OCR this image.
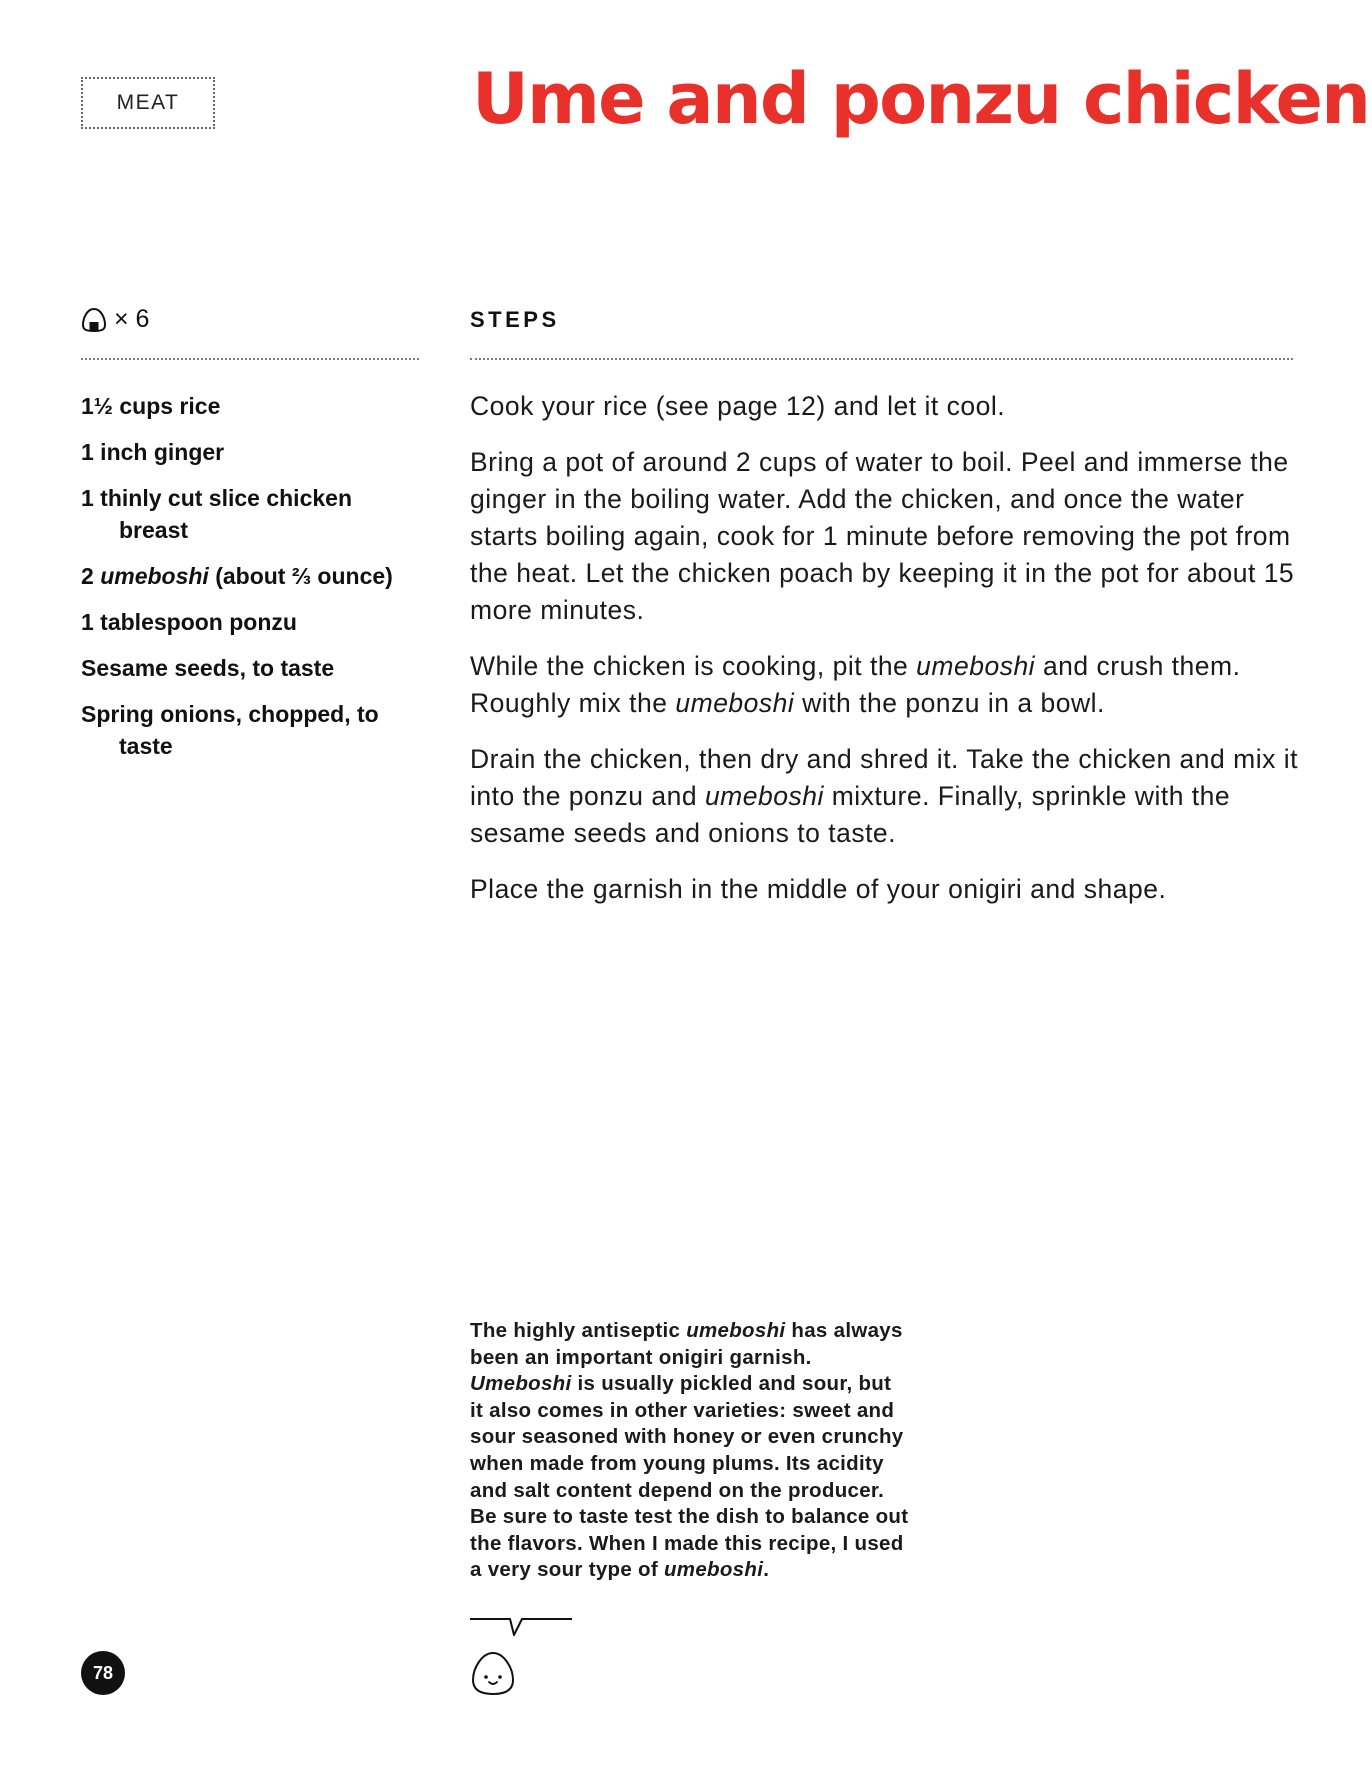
MEAT	Ume and ponzu chicken
× 6	STEPS
1½ cups rice
1 inch ginger
1 thinly cut slice chicken breast
2 umeboshi (about ⅔ ounce)
1 tablespoon ponzu
Sesame seeds, to taste
Spring onions, chopped, to taste

Cook your rice (see page 12) and let it cool.

Bring a pot of around 2 cups of water to boil. Peel and immerse the ginger in the boiling water. Add the chicken, and once the water starts boiling again, cook for 1 minute before removing the pot from the heat. Let the chicken poach by keeping it in the pot for about 15 more minutes.

While the chicken is cooking, pit the umeboshi and crush them. Roughly mix the umeboshi with the ponzu in a bowl.

Drain the chicken, then dry and shred it. Take the chicken and mix it into the ponzu and umeboshi mixture. Finally, sprinkle with the sesame seeds and onions to taste.

Place the garnish in the middle of your onigiri and shape.

The highly antiseptic umeboshi has always been an important onigiri garnish. Umeboshi is usually pickled and sour, but it also comes in other varieties: sweet and sour seasoned with honey or even crunchy when made from young plums. Its acidity and salt content depend on the producer. Be sure to taste test the dish to balance out the flavors. When I made this recipe, I used a very sour type of umeboshi.

78
